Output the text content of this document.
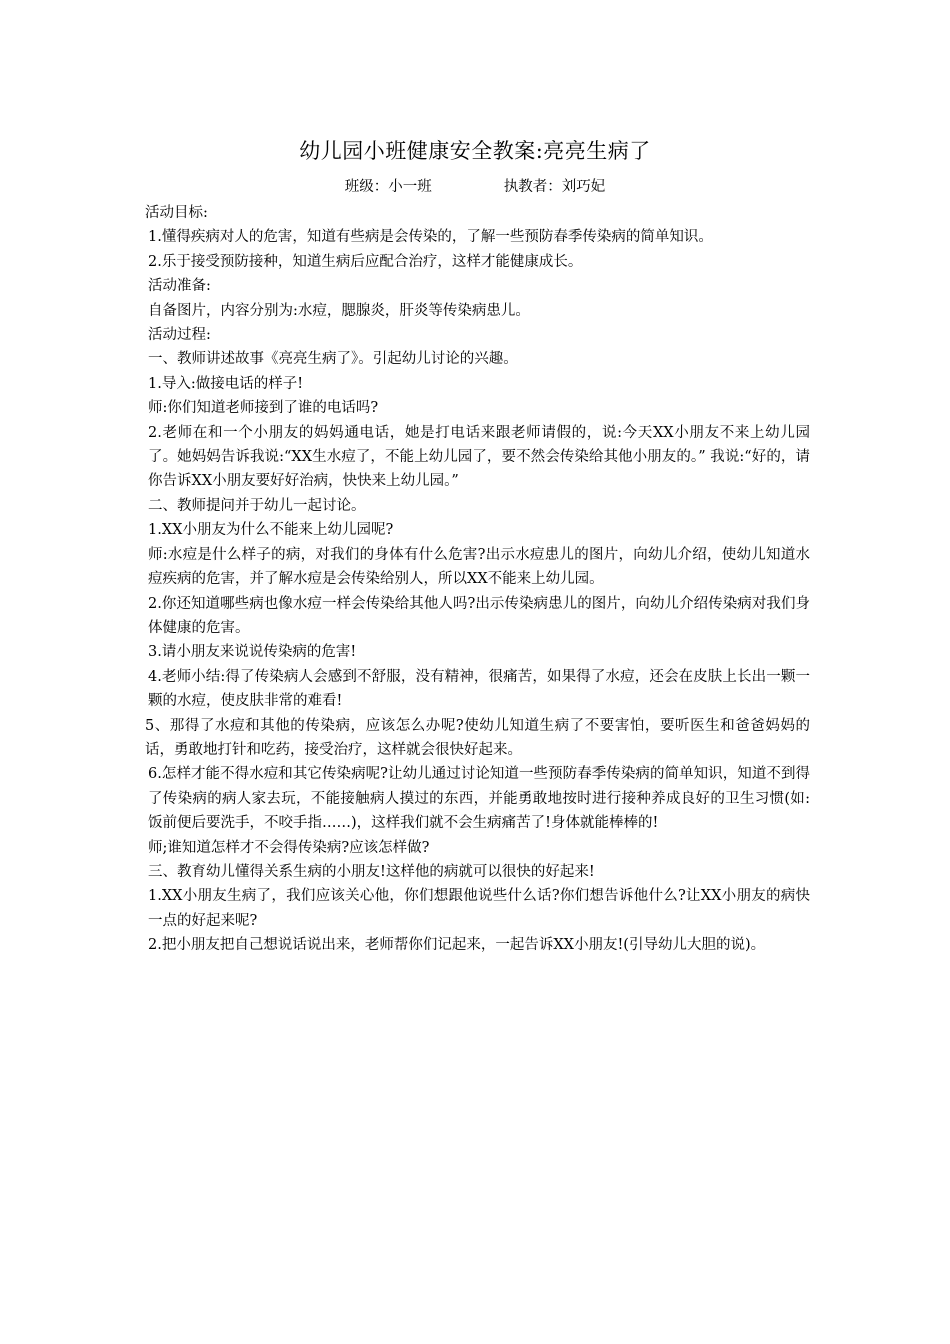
幼儿园小班健康安全教案:亮亮生病了
班级：小一班	执教者：刘巧妃

活动目标:

1.懂得疾病对人的危害，知道有些病是会传染的，了解一些预防春季传染病的简单知识。

2.乐于接受预防接种，知道生病后应配合治疗，这样才能健康成长。

活动准备:

自备图片，内容分别为:水痘，腮腺炎，肝炎等传染病患儿。

活动过程:

一、教师讲述故事《亮亮生病了》。引起幼儿讨论的兴趣。

1.导入:做接电话的样子!

师:你们知道老师接到了谁的电话吗?

2.老师在和一个小朋友的妈妈通电话，她是打电话来跟老师请假的，说:今天XX小朋友不来上幼儿园了。她妈妈告诉我说:“XX生水痘了，不能上幼儿园了，要不然会传染给其他小朋友的。” 我说:“好的，请你告诉XX小朋友要好好治病，快快来上幼儿园。”

二、教师提问并于幼儿一起讨论。

1.XX小朋友为什么不能来上幼儿园呢?

师:水痘是什么样子的病，对我们的身体有什么危害?出示水痘患儿的图片，向幼儿介绍，使幼儿知道水痘疾病的危害，并了解水痘是会传染给别人，所以XX不能来上幼儿园。

2.你还知道哪些病也像水痘一样会传染给其他人吗?出示传染病患儿的图片，向幼儿介绍传染病对我们身体健康的危害。

3.请小朋友来说说传染病的危害!

4.老师小结:得了传染病人会感到不舒服，没有精神，很痛苦，如果得了水痘，还会在皮肤上长出一颗一颗的水痘，使皮肤非常的难看!

5、那得了水痘和其他的传染病，应该怎么办呢?使幼儿知道生病了不要害怕，要听医生和爸爸妈妈的话，勇敢地打针和吃药，接受治疗，这样就会很快好起来。

6.怎样才能不得水痘和其它传染病呢?让幼儿通过讨论知道一些预防春季传染病的简单知识，知道不到得了传染病的病人家去玩，不能接触病人摸过的东西，并能勇敢地按时进行接种养成良好的卫生习惯(如:饭前便后要洗手，不咬手指……)，这样我们就不会生病痛苦了!身体就能棒棒的!

师;谁知道怎样才不会得传染病?应该怎样做?

三、教育幼儿懂得关系生病的小朋友!这样他的病就可以很快的好起来!

1.XX小朋友生病了，我们应该关心他，你们想跟他说些什么话?你们想告诉他什么?让XX小朋友的病快一点的好起来呢?

2.把小朋友把自己想说话说出来，老师帮你们记起来，一起告诉XX小朋友!(引导幼儿大胆的说)。
